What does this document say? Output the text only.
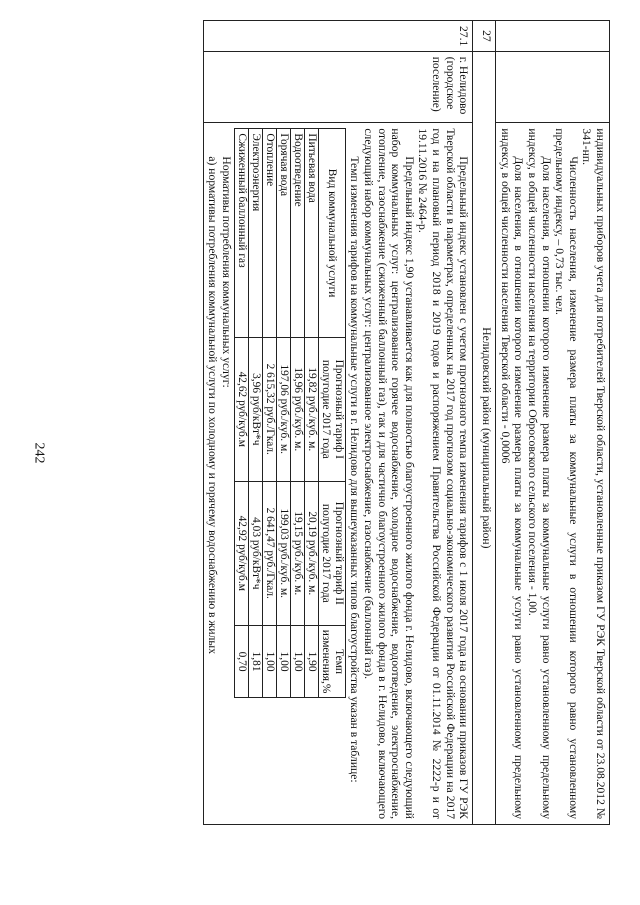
242
			индивидуальных приборов учета для потребителей Тверской области, установленные приказом ГУ РЭК Тверской области от 23.08.2012 № 341-нп.

Численность населения, изменение размера платы за коммунальные услуги в отношении которого равно установленному предельному индексу, – 0,73 тыс. чел.

Доля населения, в отношении которого изменение размера платы за коммунальные услуги равно установленному предельному индексу, в общей численности населения на территории Обросовского сельского поселения - 1,00.

Доля населения, в отношении которого изменение размера платы за коммунальные услуги равно установленному предельному индексу, в общей численности населения Тверской области - 0,0006

27	Нелидовский район (муниципальный район)
27.1	г. Нелидово (городское поселение)	

Предельный индекс установлен с учетом прогнозного темпа изменения тарифов с 1 июля 2017 года на основании приказов ГУ РЭК Тверской области в параметрах, определенных на 2017 год прогнозом социально-экономического развития Российской Федерации на 2017 год и на плановый период 2018 и 2019 годов и распоряжением Правительства Российской Федерации от 01.11.2014 № 2222-р и от 19.11.2016 № 2464-р.

Предельный индекс 1,90 устанавливается как для полностью благоустроенного жилого фонда г. Нелидово, включающего следующий набор коммунальных услуг: централизованное горячее водоснабжение, холодное водоснабжение, водоотведение, электроснабжение, отопление, газоснабжение (сжиженный баллонный газ), так и для частично благоустроенного жилого фонда в г. Нелидово, включающего следующий набор коммунальных услуг: централизованное электроснабжение, газоснабжение (баллонный газ).

Темп изменения тарифов на коммунальные услуги в г. Нелидово для вышеуказанных типов благоустройства указан в таблице:

Вид коммунальной услуги	Прогнозный тариф I полугодие 2017 года	Прогнозный тариф II полугодие 2017 года	Темп изменения,%
Питьевая вода	19,82 руб./куб. м.	20,19 руб./куб. м.	1,90
Водоотведение	18,96 руб./куб. м.	19,15 руб./куб. м.	1,00
Горячая вода	197,06 руб./куб. м.	199,03 руб./куб. м.	1,00
Отопление	2 615,32 руб./Гкал.	2 641,47 руб./Гкал.	1,00
Электроэнергия	3,96 руб/кВт*ч	4,03 руб/кВт*ч	1,81
Сжиженный баллонный газ	42,62 руб/куб.м	42,92 руб/куб.м	0,70

Нормативы потребления коммунальных услуг:

а) нормативы потребления коммунальной услуги по холодному и горячему водоснабжению в жилых
